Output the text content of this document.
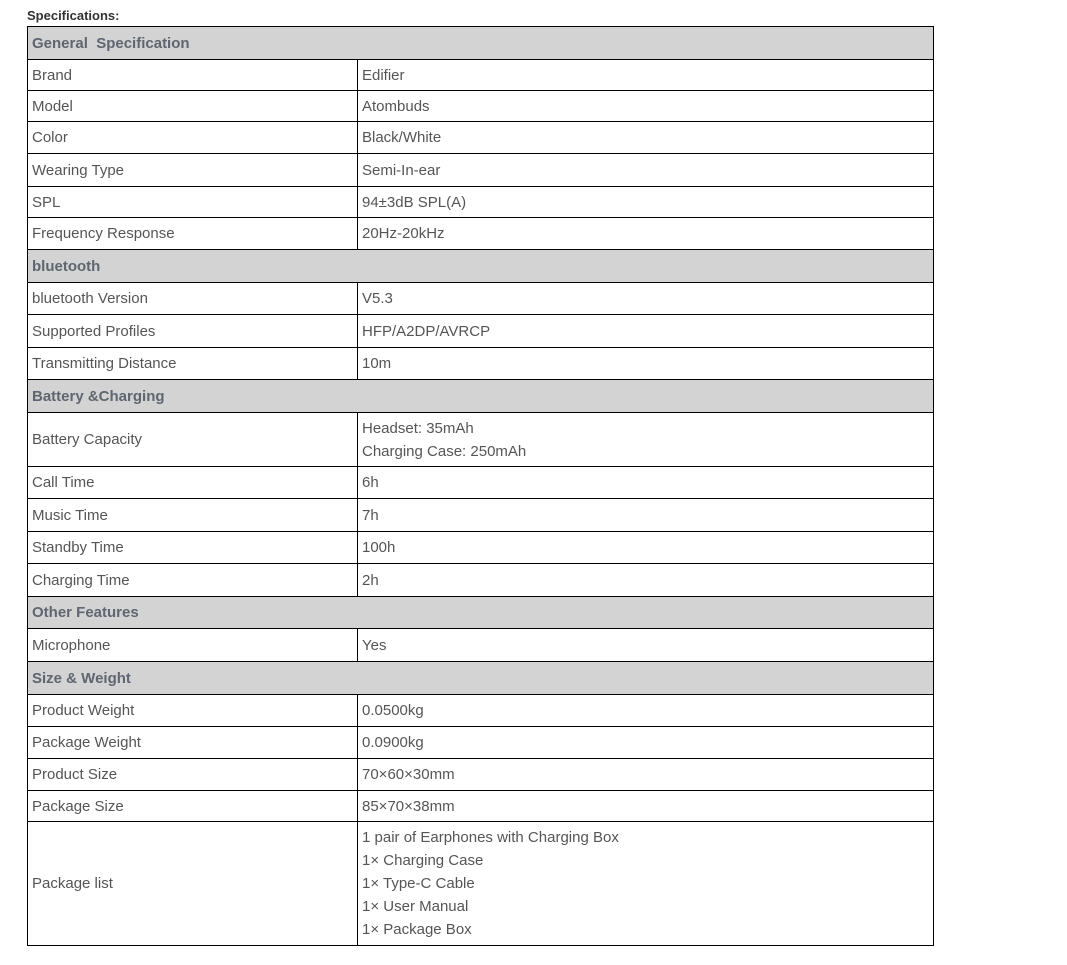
Specifications:
General  Specification	
Brand	Edifier

Model	Atombuds

Color	Black/White

Wearing Type	Semi-In-ear

SPL	94±3dB SPL(A)

Frequency Response	20Hz-20kHz

bluetooth	
bluetooth Version	V5.3

Supported Profiles	HFP/A2DP/AVRCP

Transmitting Distance	10m

Battery &Charging	
Battery Capacity	Headset: 35mAh
Charging Case: 250mAh

Call Time	6h

Music Time	7h

Standby Time	100h

Charging Time	2h

Other Features	
Microphone	Yes

Size & Weight	
Product Weight	0.0500kg

Package Weight	0.0900kg

Product Size	70×60×30mm

Package Size	85×70×38mm

Package list	1 pair of Earphones with Charging Box
1× Charging Case
1× Type-C Cable
1× User Manual
1× Package Box
